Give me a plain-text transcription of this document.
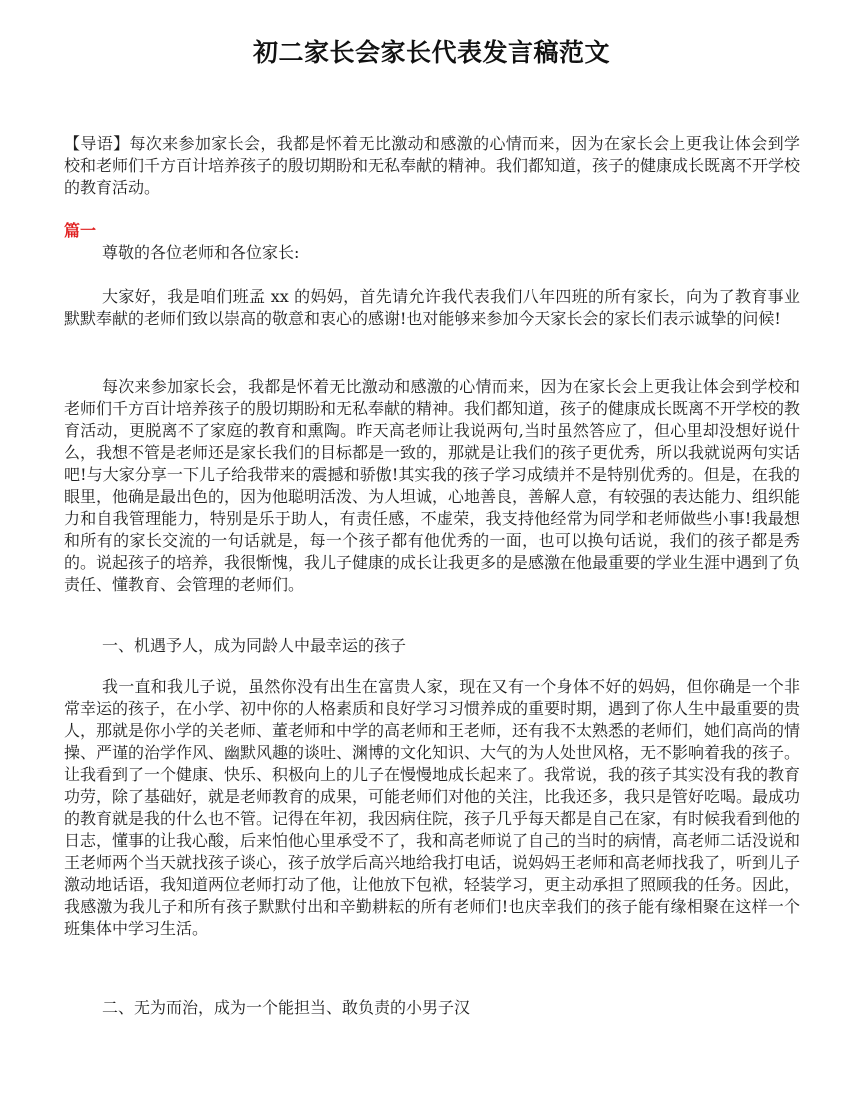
初二家长会家长代表发言稿范文

【导语】每次来参加家长会，我都是怀着无比激动和感激的心情而来，因为在家长会上更我让体会到学校和老师们千方百计培养孩子的殷切期盼和无私奉献的精神。我们都知道，孩子的健康成长既离不开学校的教育活动。

篇一

尊敬的各位老师和各位家长:

大家好，我是咱们班孟 xx 的妈妈，首先请允许我代表我们八年四班的所有家长，向为了教育事业默默奉献的老师们致以崇高的敬意和衷心的感谢!也对能够来参加今天家长会的家长们表示诚挚的问候!

每次来参加家长会，我都是怀着无比激动和感激的心情而来，因为在家长会上更我让体会到学校和老师们千方百计培养孩子的殷切期盼和无私奉献的精神。我们都知道，孩子的健康成长既离不开学校的教育活动，更脱离不了家庭的教育和熏陶。昨天高老师让我说两句,当时虽然答应了，但心里却没想好说什么，我想不管是老师还是家长我们的目标都是一致的，那就是让我们的孩子更优秀，所以我就说两句实话吧!与大家分享一下儿子给我带来的震撼和骄傲!其实我的孩子学习成绩并不是特别优秀的。但是，在我的眼里，他确是最出色的，因为他聪明活泼、为人坦诚，心地善良，善解人意，有较强的表达能力、组织能力和自我管理能力，特别是乐于助人，有责任感，不虚荣，我支持他经常为同学和老师做些小事!我最想和所有的家长交流的一句话就是，每一个孩子都有他优秀的一面，也可以换句话说，我们的孩子都是秀的。说起孩子的培养，我很惭愧，我儿子健康的成长让我更多的是感激在他最重要的学业生涯中遇到了负责任、懂教育、会管理的老师们。

一、机遇予人，成为同龄人中最幸运的孩子

我一直和我儿子说，虽然你没有出生在富贵人家，现在又有一个身体不好的妈妈，但你确是一个非常幸运的孩子，在小学、初中你的人格素质和良好学习习惯养成的重要时期，遇到了你人生中最重要的贵人，那就是你小学的关老师、董老师和中学的高老师和王老师，还有我不太熟悉的老师们，她们高尚的情操、严谨的治学作风、幽默风趣的谈吐、渊博的文化知识、大气的为人处世风格，无不影响着我的孩子。让我看到了一个健康、快乐、积极向上的儿子在慢慢地成长起来了。我常说，我的孩子其实没有我的教育功劳，除了基础好，就是老师教育的成果，可能老师们对他的关注，比我还多，我只是管好吃喝。最成功的教育就是我的什么也不管。记得在年初，我因病住院，孩子几乎每天都是自己在家，有时候我看到他的日志，懂事的让我心酸，后来怕他心里承受不了，我和高老师说了自己的当时的病情，高老师二话没说和王老师两个当天就找孩子谈心，孩子放学后高兴地给我打电话，说妈妈王老师和高老师找我了，听到儿子激动地话语，我知道两位老师打动了他，让他放下包袱，轻装学习，更主动承担了照顾我的任务。因此，我感激为我儿子和所有孩子默默付出和辛勤耕耘的所有老师们!也庆幸我们的孩子能有缘相聚在这样一个班集体中学习生活。

二、无为而治，成为一个能担当、敢负责的小男子汉
